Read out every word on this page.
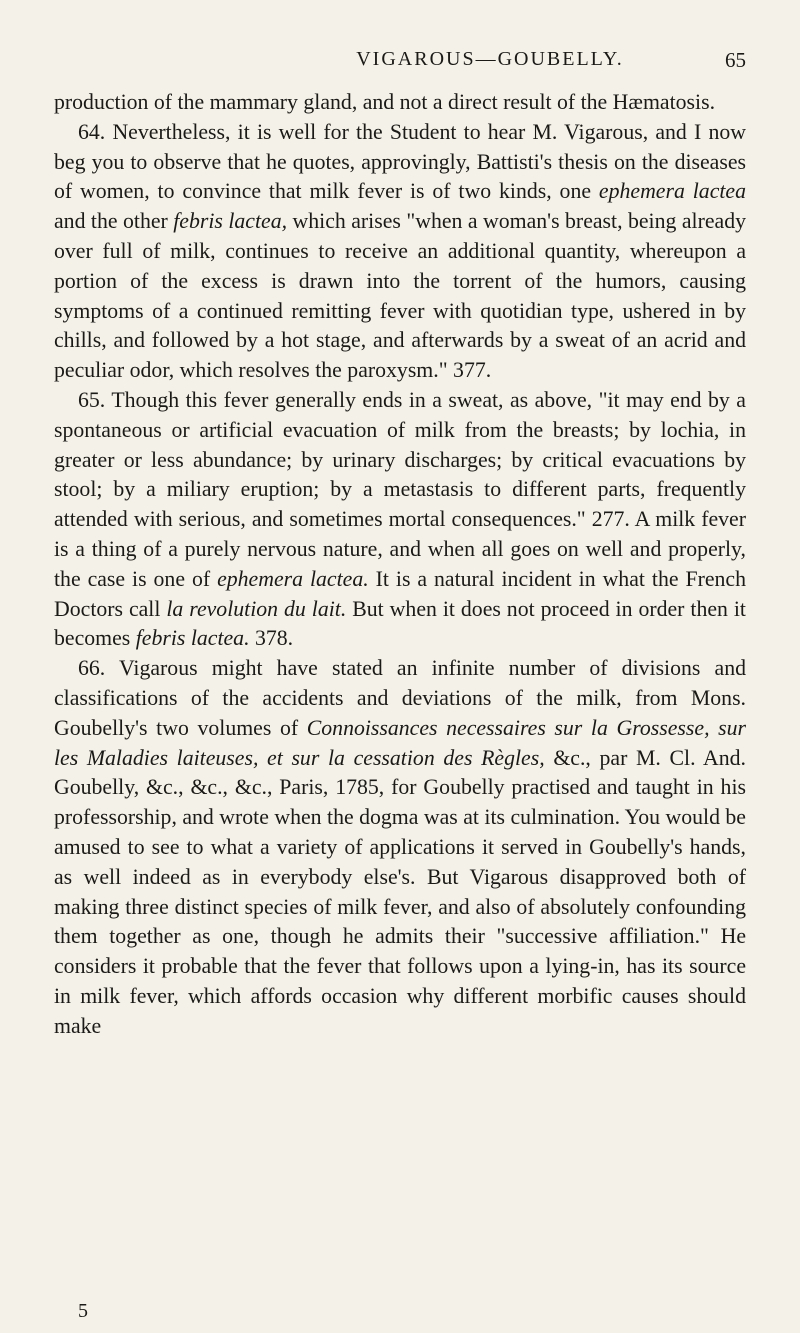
VIGAROUS—GOUBELLY.	65

production of the mammary gland, and not a direct result of the Hæmatosis.

64. Nevertheless, it is well for the Student to hear M. Vigarous, and I now beg you to observe that he quotes, approvingly, Battisti's thesis on the diseases of women, to convince that milk fever is of two kinds, one ephemera lactea and the other febris lactea, which arises "when a woman's breast, being already over full of milk, continues to receive an additional quantity, whereupon a portion of the excess is drawn into the torrent of the humors, causing symptoms of a continued remitting fever with quotidian type, ushered in by chills, and followed by a hot stage, and afterwards by a sweat of an acrid and peculiar odor, which resolves the paroxysm." 377.

65. Though this fever generally ends in a sweat, as above, "it may end by a spontaneous or artificial evacuation of milk from the breasts; by lochia, in greater or less abundance; by urinary discharges; by critical evacuations by stool; by a miliary eruption; by a metastasis to different parts, frequently attended with serious, and sometimes mortal consequences." 277. A milk fever is a thing of a purely nervous nature, and when all goes on well and properly, the case is one of ephemera lactea. It is a natural incident in what the French Doctors call la revolution du lait. But when it does not proceed in order then it becomes febris lactea. 378.

66. Vigarous might have stated an infinite number of divisions and classifications of the accidents and deviations of the milk, from Mons. Goubelly's two volumes of Connoissances necessaires sur la Grossesse, sur les Maladies laiteuses, et sur la cessation des Règles, &c., par M. Cl. And. Goubelly, &c., &c., &c., Paris, 1785, for Goubelly practised and taught in his professorship, and wrote when the dogma was at its culmination. You would be amused to see to what a variety of applications it served in Goubelly's hands, as well indeed as in everybody else's. But Vigarous disapproved both of making three distinct species of milk fever, and also of absolutely confounding them together as one, though he admits their "successive affiliation." He considers it probable that the fever that follows upon a lying-in, has its source in milk fever, which affords occasion why different morbific causes should make

5
